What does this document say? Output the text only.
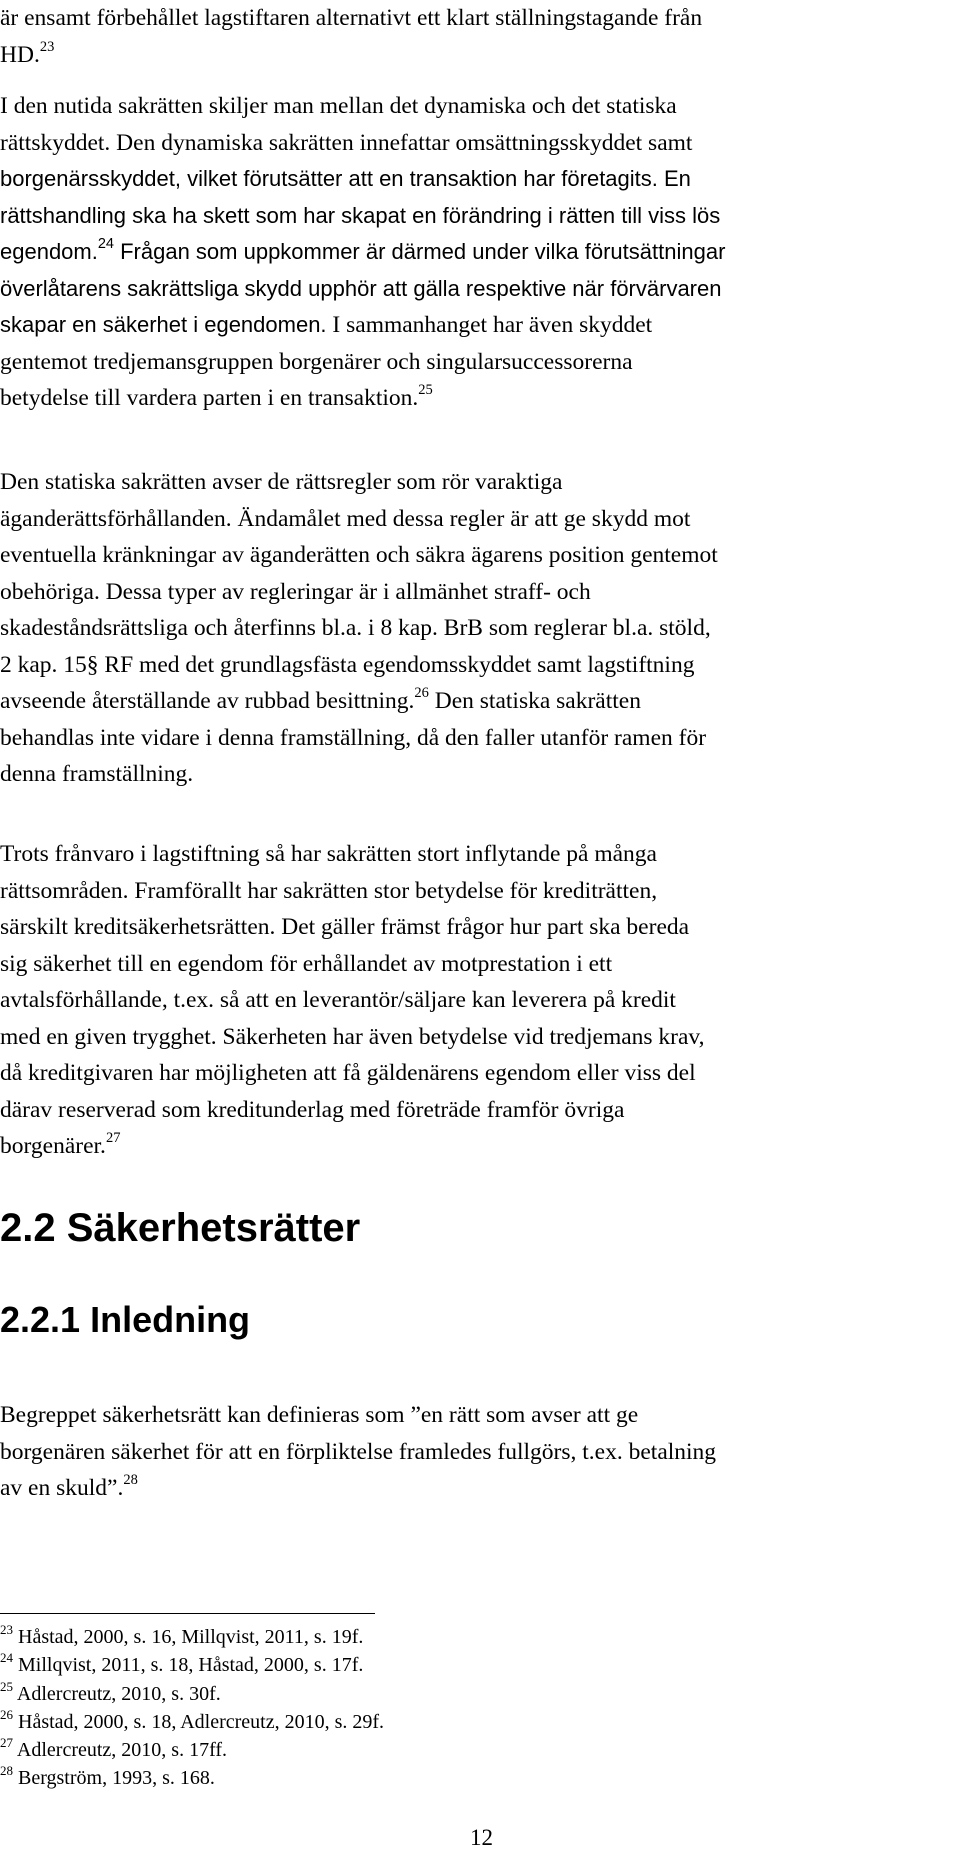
är ensamt förbehållet lagstiftaren alternativt ett klart ställningstagande från
HD.$^{23}$
I den nutida sakrätten skiljer man mellan det dynamiska och det statiska
rättskyddet. Den dynamiska sakrätten innefattar omsättningsskyddet samt
borgenärsskyddet, vilket förutsätter att en transaktion har företagits. En
rättshandling ska ha skett som har skapat en förändring i rätten till viss lös
egendom.$^{24}$ Frågan som uppkommer är därmed under vilka förutsättningar
överlåtarens sakrättsliga skydd upphör att gälla respektive när förvärvaren
skapar en säkerhet i egendomen. I sammanhanget har även skyddet
gentemot tredjemansgruppen borgenärer och singularsuccessorerna
betydelse till vardera parten i en transaktion.$^{25}$
Den statiska sakrätten avser de rättsregler som rör varaktiga
äganderättsförhållanden. Ändamålet med dessa regler är att ge skydd mot
eventuella kränkningar av äganderätten och säkra ägarens position gentemot
obehöriga. Dessa typer av regleringar är i allmänhet straff- och
skadeståndsrättsliga och återfinns bl.a. i 8 kap. BrB som reglerar bl.a. stöld,
2 kap. 15§ RF med det grundlagsfästa egendomsskyddet samt lagstiftning
avseende återställande av rubbad besittning.$^{26}$ Den statiska sakrätten
behandlas inte vidare i denna framställning, då den faller utanför ramen för
denna framställning.
Trots frånvaro i lagstiftning så har sakrätten stort inflytande på många
rättsområden. Framförallt har sakrätten stor betydelse för krediträtten,
särskilt kreditsäkerhetsrätten. Det gäller främst frågor hur part ska bereda
sig säkerhet till en egendom för erhållandet av motprestation i ett
avtalsförhållande, t.ex. så att en leverantör/säljare kan leverera på kredit
med en given trygghet. Säkerheten har även betydelse vid tredjemans krav,
då kreditgivaren har möjligheten att få gäldenärens egendom eller viss del
därav reserverad som kreditunderlag med företräde framför övriga
borgenärer.$^{27}$
2.2 Säkerhetsrätter
2.2.1 Inledning
Begreppet säkerhetsrätt kan definieras som ”en rätt som avser att ge
borgenären säkerhet för att en förpliktelse framledes fullgörs, t.ex. betalning
av en skuld”.$^{28}$
$^{23}$ Håstad, 2000, s. 16, Millqvist, 2011, s. 19f.
$^{24}$ Millqvist, 2011, s. 18, Håstad, 2000, s. 17f.
$^{25}$ Adlercreutz, 2010, s. 30f.
$^{26}$ Håstad, 2000, s. 18, Adlercreutz, 2010, s. 29f.
$^{27}$ Adlercreutz, 2010, s. 17ff.
$^{28}$ Bergström, 1993, s. 168.
12
